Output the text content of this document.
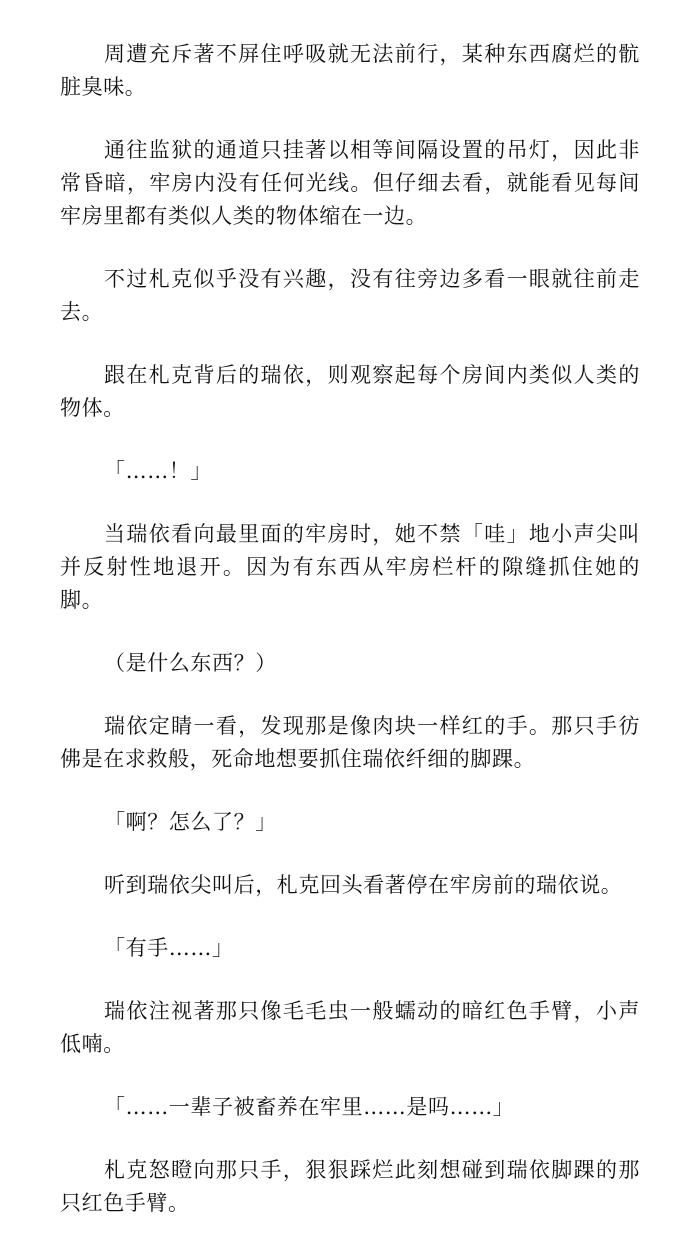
周遭充斥著不屏住呼吸就无法前行，某种东西腐烂的骯脏臭味。

通往监狱的通道只挂著以相等间隔设置的吊灯，因此非常昏暗，牢房内没有任何光线。但仔细去看，就能看见每间牢房里都有类似人类的物体缩在一边。

不过札克似乎没有兴趣，没有往旁边多看一眼就往前走去。

跟在札克背后的瑞依，则观察起每个房间内类似人类的物体。

「……！」

当瑞依看向最里面的牢房时，她不禁「哇」地小声尖叫并反射性地退开。因为有东西从牢房栏杆的隙缝抓住她的脚。

（是什么东西？）

瑞依定睛一看，发现那是像肉块一样红的手。那只手彷佛是在求救般，死命地想要抓住瑞依纤细的脚踝。

「啊？怎么了？」

听到瑞依尖叫后，札克回头看著停在牢房前的瑞依说。

「有手……」

瑞依注视著那只像毛毛虫一般蠕动的暗红色手臂，小声低喃。

「……一辈子被畜养在牢里……是吗……」

札克怒瞪向那只手，狠狠踩烂此刻想碰到瑞依脚踝的那只红色手臂。
